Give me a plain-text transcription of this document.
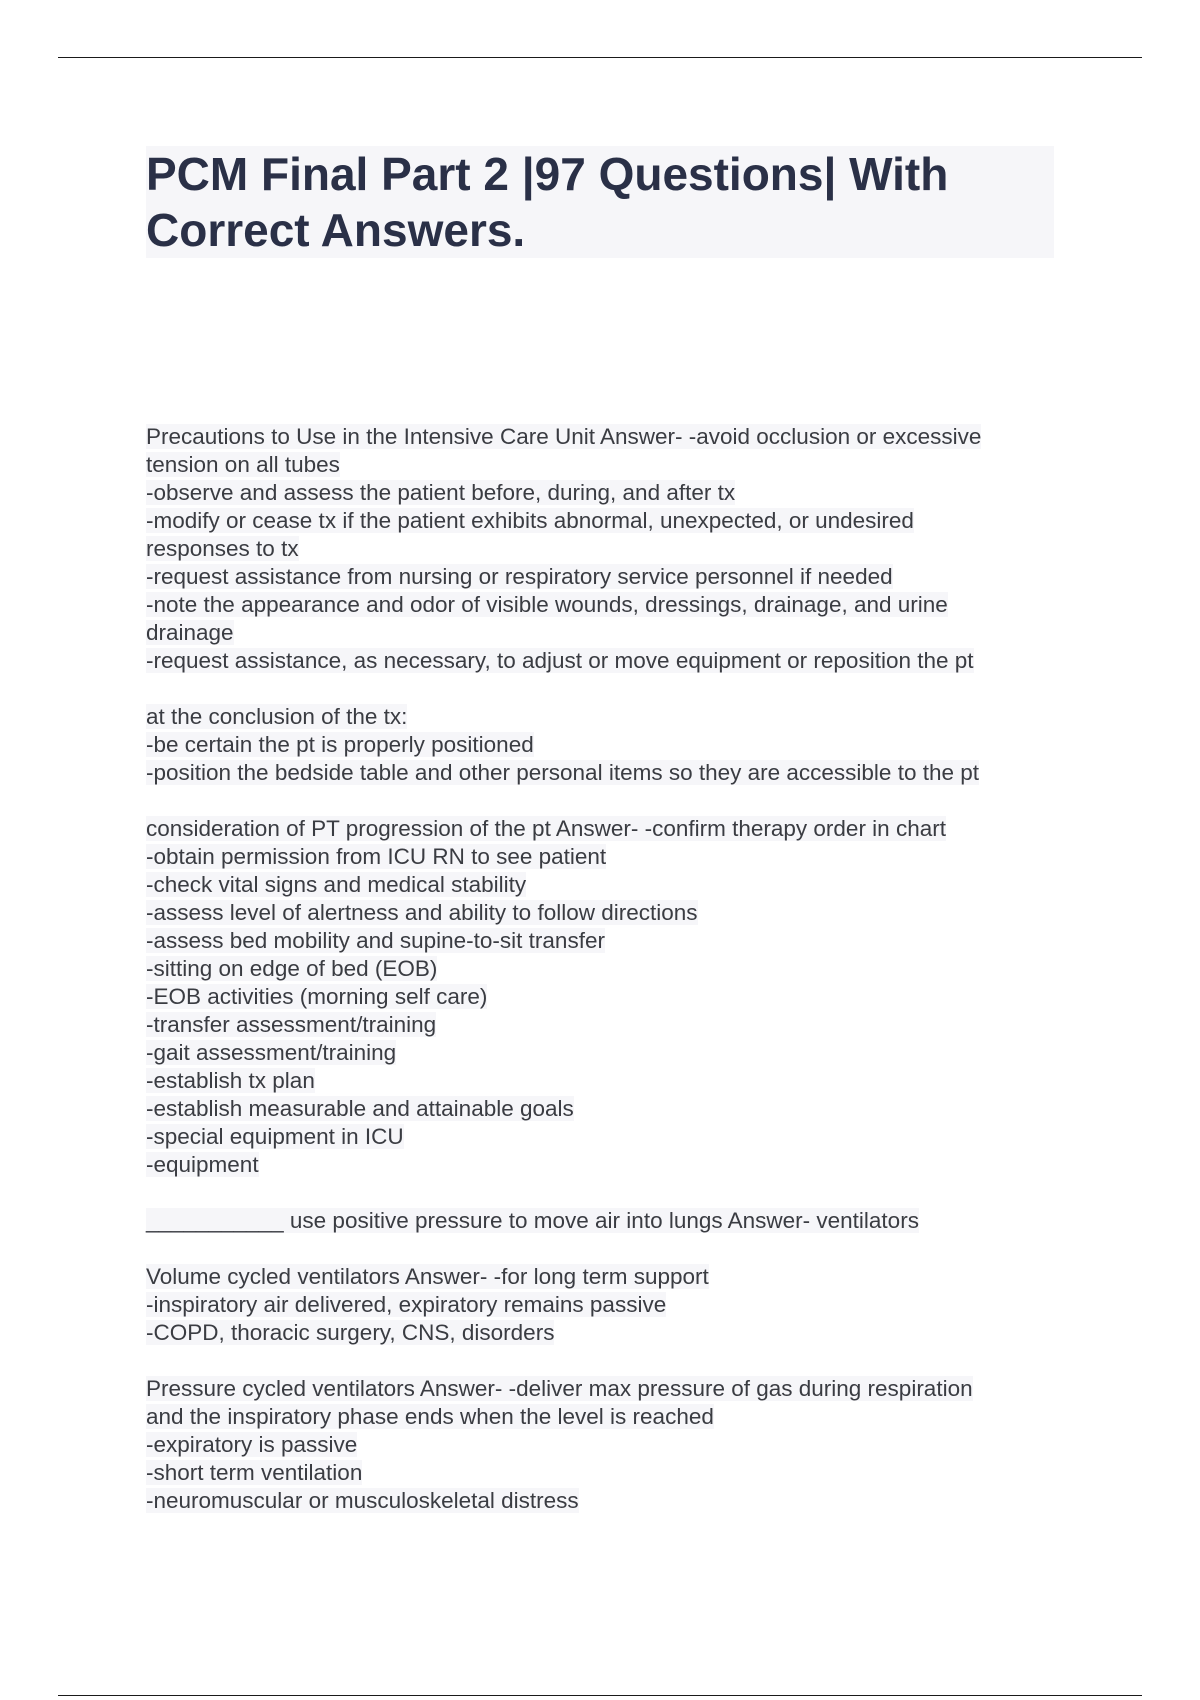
PCM Final Part 2 |97 Questions| With
Correct Answers.
Precautions to Use in the Intensive Care Unit Answer- -avoid occlusion or excessive
tension on all tubes
-observe and assess the patient before, during, and after tx
-modify or cease tx if the patient exhibits abnormal, unexpected, or undesired
responses to tx
-request assistance from nursing or respiratory service personnel if needed
-note the appearance and odor of visible wounds, dressings, drainage, and urine
drainage
-request assistance, as necessary, to adjust or move equipment or reposition the pt
at the conclusion of the tx:
-be certain the pt is properly positioned
-position the bedside table and other personal items so they are accessible to the pt
consideration of PT progression of the pt Answer- -confirm therapy order in chart
-obtain permission from ICU RN to see patient
-check vital signs and medical stability
-assess level of alertness and ability to follow directions
-assess bed mobility and supine-to-sit transfer
-sitting on edge of bed (EOB)
-EOB activities (morning self care)
-transfer assessment/training
-gait assessment/training
-establish tx plan
-establish measurable and attainable goals
-special equipment in ICU
-equipment
___________ use positive pressure to move air into lungs Answer- ventilators
Volume cycled ventilators Answer- -for long term support
-inspiratory air delivered, expiratory remains passive
-COPD, thoracic surgery, CNS, disorders
Pressure cycled ventilators Answer- -deliver max pressure of gas during respiration
and the inspiratory phase ends when the level is reached
-expiratory is passive
-short term ventilation
-neuromuscular or musculoskeletal distress
